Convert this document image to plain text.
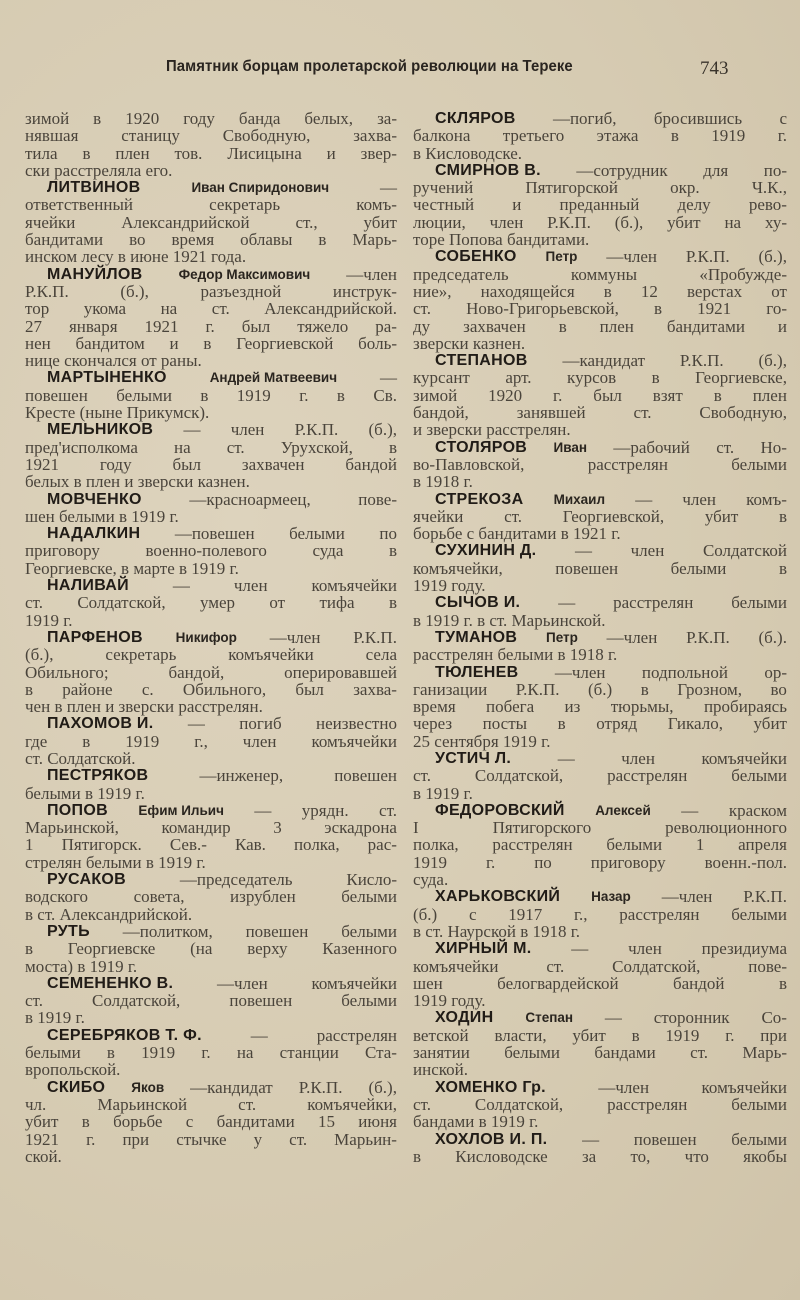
Памятник борцам пролетарской революции на Тереке	743
зимой в 1920 году банда белых, за-
нявшая	станицу	Свободную,	захва-
тила в плен тов. Лисицына и звер-
ски расстреляла его.
ЛИТВИНОВ	Иван Спиридонович	—
ответственный	секретарь	комъ-
ячейки	Александрийской	ст.,	убит
бандитами во время облавы в Марь-
инском лесу в июне 1921 года.
МАНУЙЛОВ	Федор Максимович —член
Р.К.П.	(б.),	разъездной	инструк-
тор укома на ст. Александрийской.
27 января 1921 г. был тяжело ра-
нен бандитом и в Георгиевской боль-
нице скончался от раны.
МАРТЫНЕНКО	Андрей Матвеевич	—
повешен белыми в 1919 г. в Св.
Кресте (ныне Прикумск).
МЕЛЬНИКОВ — член Р.К.П. (б.),
пред'исполкома на ст. Урухской, в
1921 году был захвачен бандой
белых в плен и зверски казнен.
МОВЧЕНКО	—красноармеец,	пове-
шен белыми в 1919 г.
НАДАЛКИН —повешен белыми по
приговору	военно-полевого	суда	в
Георгиевске, в марте в 1919 г.
НАЛИВАЙ	—	член	комъячейки
ст. Солдатской, умер от тифа в
1919 г.
ПАРФЕНОВ Никифор —член Р.К.П.
(б.),	секретарь	комъячейки	села
Обильного;	бандой,	оперировавшей
в районе с. Обильного, был захва-
чен в плен и зверски расстрелян.
ПАХОМОВ И. — погиб неизвестно
где в 1919 г., член комъячейки
ст. Солдатской.
ПЕСТРЯКОВ	—инженер,	повешен
белыми в 1919 г.
ПОПОВ Ефим Ильич — урядн. ст.
Марьинской,	командир	3	эскадрона
1 Пятигорск. Сев.- Кав. полка, рас-
стрелян белыми в 1919 г.
РУСАКОВ	—председатель	Кисло-
водского	совета,	изрублен	белыми
в ст. Александрийской.
РУТЬ —политком, повешен белыми
в Георгиевске (на верху Казенного
моста) в 1919 г.
СЕМЕНЕНКО В.	—член	комъячейки
ст.	Солдатской,	повешен	белыми
в 1919 г.
СЕРЕБРЯКОВ Т. Ф.	—	расстрелян
белыми в 1919 г. на станции Ста-
вропольской.
СКИБО Яков —кандидат Р.К.П. (б.),
чл.	Марьинской	ст.	комъячейки,
убит в борьбе с бандитами 15 июня
1921 г. при стычке у ст. Марьин-
ской.
СКЛЯРОВ —погиб, бросившись с
балкона третьего этажа в 1919 г.
в Кисловодске.
СМИРНОВ В. —сотрудник для по-
ручений	Пятигорской	окр.	Ч.К.,
честный и преданный делу рево-
люции, член Р.К.П. (б.), убит на ху-
торе Попова бандитами.
СОБЕНКО Петр —член Р.К.П. (б.),
председатель	коммуны	«Пробужде-
ние», находящейся в 12 верстах от
ст. Ново-Григорьевской, в 1921 го-
ду захвачен в плен бандитами и
зверски казнен.
СТЕПАНОВ —кандидат Р.К.П. (б.),
курсант арт. курсов в Георгиевске,
зимой 1920 г. был взят в плен
бандой,	занявшей	ст.	Свободную,
и зверски расстрелян.
СТОЛЯРОВ Иван —рабочий ст. Но-
во-Павловской,	расстрелян	белыми
в 1918 г.
СТРЕКОЗА Михаил — член комъ-
ячейки ст. Георгиевской, убит в
борьбе с бандитами в 1921 г.
СУХИНИН Д. — член Солдатской
комъячейки,	повешен	белыми	в
1919 году.
СЫЧОВ И. — расстрелян белыми
в 1919 г. в ст. Марьинской.
ТУМАНОВ Петр —член Р.К.П. (б.).
расстрелян белыми в 1918 г.
ТЮЛЕНЕВ —член подпольной ор-
ганизации Р.К.П. (б.) в Грозном, во
время побега из тюрьмы, пробираясь
через посты в отряд Гикало, убит
25 сентября 1919 г.
УСТИЧ Л.	—	член	комъячейки
ст.	Солдатской,	расстрелян	белыми
в 1919 г.
ФЕДОРОВСКИЙ Алексей — краском
I	Пятигорского	революционного
полка, расстрелян белыми 1 апреля
1919 г. по приговору военн.-пол.
суда.
ХАРЬКОВСКИЙ Назар —член Р.К.П.
(б.) с 1917 г., расстрелян белыми
в ст. Наурской в 1918 г.
ХИРНЫЙ М. — член президиума
комъячейки	ст.	Солдатской,	пове-
шен	белогвардейской	бандой	в
1919 году.
ХОДИН Степан — сторонник Со-
ветской власти, убит в 1919 г. при
занятии белыми бандами ст. Марь-
инской.
ХОМЕНКО Гр.	—член	комъячейки
ст.	Солдатской,	расстрелян	белыми
бандами в 1919 г.
ХОХЛОВ И. П. — повешен белыми
в Кисловодске за то, что якобы
